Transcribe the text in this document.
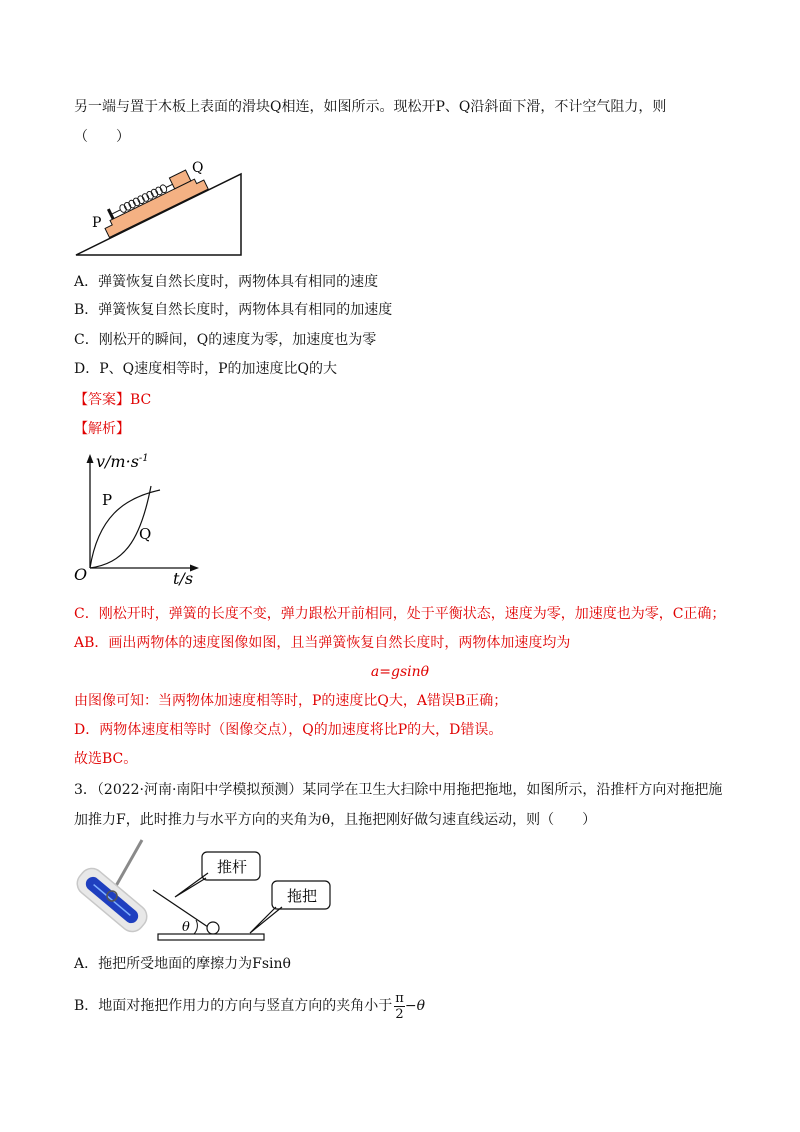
另一端与置于木板上表面的滑块Q相连，如图所示。现松开P、Q沿斜面下滑，不计空气阻力，则
（　　）
P
Q
A．弹簧恢复自然长度时，两物体具有相同的速度
B．弹簧恢复自然长度时，两物体具有相同的加速度
C．刚松开的瞬间，Q的速度为零，加速度也为零
D．P、Q速度相等时，P的加速度比Q的大
【答案】BC
【解析】
$v/m\cdot s^{-1}$
t/s
O
P
Q
C．刚松开时，弹簧的长度不变，弹力跟松开前相同，处于平衡状态，速度为零，加速度也为零，C正确；
AB．画出两物体的速度图像如图，且当弹簧恢复自然长度时，两物体加速度均为
a=gsinθ
由图像可知：当两物体加速度相等时，P的速度比Q大，A错误B正确；
D．两物体速度相等时（图像交点），Q的加速度将比P的大，D错误。
故选BC。
3．（2022·河南·南阳中学模拟预测）某同学在卫生大扫除中用拖把拖地，如图所示，沿推杆方向对拖把施
加推力F，此时推力与水平方向的夹角为θ，且拖把刚好做匀速直线运动，则（　　）
θ
推杆
拖把
A．拖把所受地面的摩擦力为Fsinθ
B．地面对拖把作用力的方向与竖直方向的夹角小于 $\frac{\pi}{2} -\theta$
